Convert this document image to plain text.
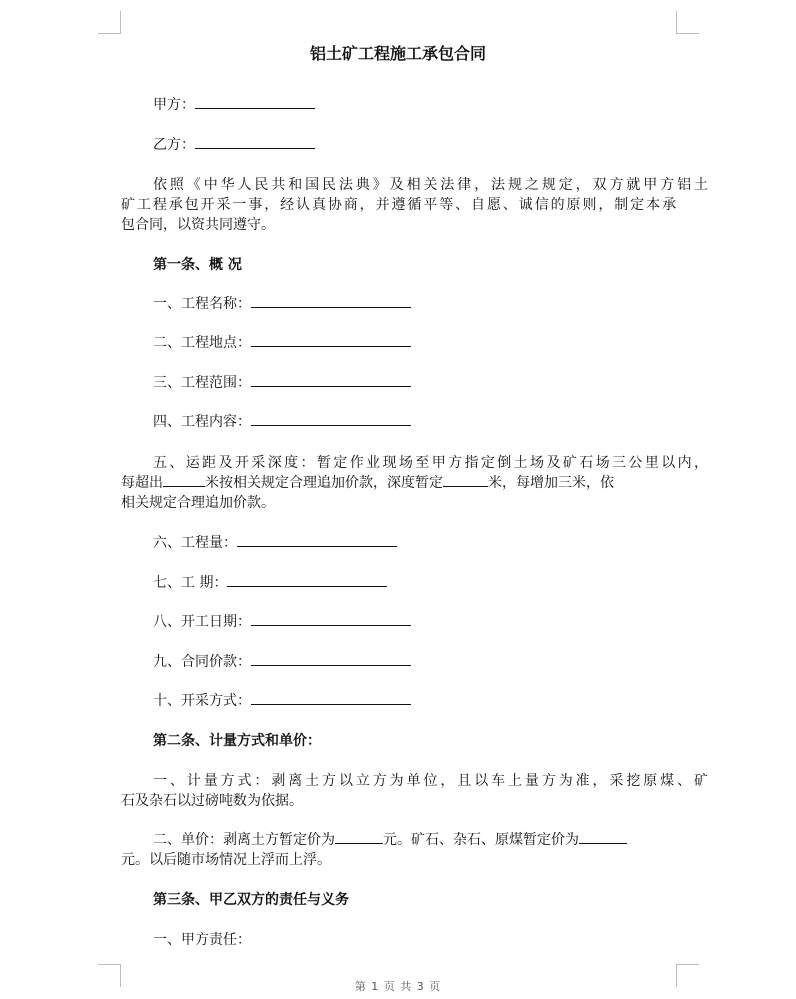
铝土矿工程施工承包合同
甲方：
乙方：
依照《中华人民共和国民法典》及相关法律，法规之规定，双方就甲方铝土
矿工程承包开采一事，经认真协商，并遵循平等、自愿、诚信的原则，制定本承
包合同，以资共同遵守。
第一条、概 况
一、工程名称：
二、工程地点：
三、工程范围：
四、工程内容：
五、运距及开采深度：暂定作业现场至甲方指定倒土场及矿石场三公里以内，
每超出	米按相关规定合理追加价款，深度暂定	米，每增加三米，依
相关规定合理追加价款。
六、工程量：
七、工 期：
八、开工日期：
九、合同价款：
十、开采方式：
第二条、计量方式和单价：
一、计量方式：剥离土方以立方为单位，且以车上量方为准，采挖原煤、矿
石及杂石以过磅吨数为依据。
二、单价：剥离土方暂定价为	元。矿石、杂石、原煤暂定价为
元。以后随市场情况上浮而上浮。
第三条、甲乙双方的责任与义务
一、甲方责任：
第 1 页 共 3 页
